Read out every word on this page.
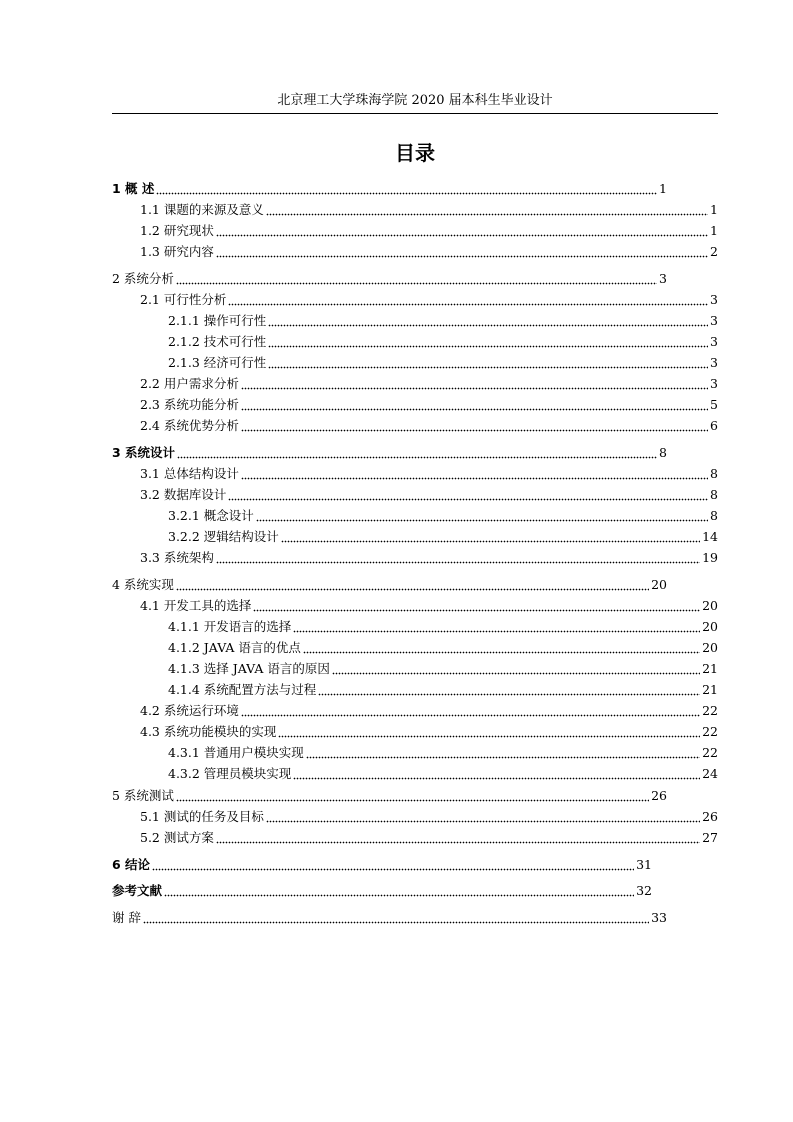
北京理工大学珠海学院 2020 届本科生毕业设计
目录
1 概 述	1
1.1 课题的来源及意义	1
1.2 研究现状	1
1.3 研究内容	2
2 系统分析	3
2.1 可行性分析	3
2.1.1 操作可行性	3
2.1.2 技术可行性	3
2.1.3 经济可行性	3
2.2 用户需求分析	3
2.3 系统功能分析	5
2.4 系统优势分析	6
3 系统设计	8
3.1 总体结构设计	8
3.2 数据库设计	8
3.2.1 概念设计	8
3.2.2 逻辑结构设计	14
3.3 系统架构	19
4 系统实现	20
4.1 开发工具的选择	20
4.1.1 开发语言的选择	20
4.1.2 JAVA 语言的优点	20
4.1.3 选择 JAVA 语言的原因	21
4.1.4 系统配置方法与过程	21
4.2 系统运行环境	22
4.3 系统功能模块的实现	22
4.3.1 普通用户模块实现	22
4.3.2 管理员模块实现	24
5 系统测试	26
5.1 测试的任务及目标	26
5.2 测试方案	27
6 结论	31
参考文献	32
谢 辞	33
